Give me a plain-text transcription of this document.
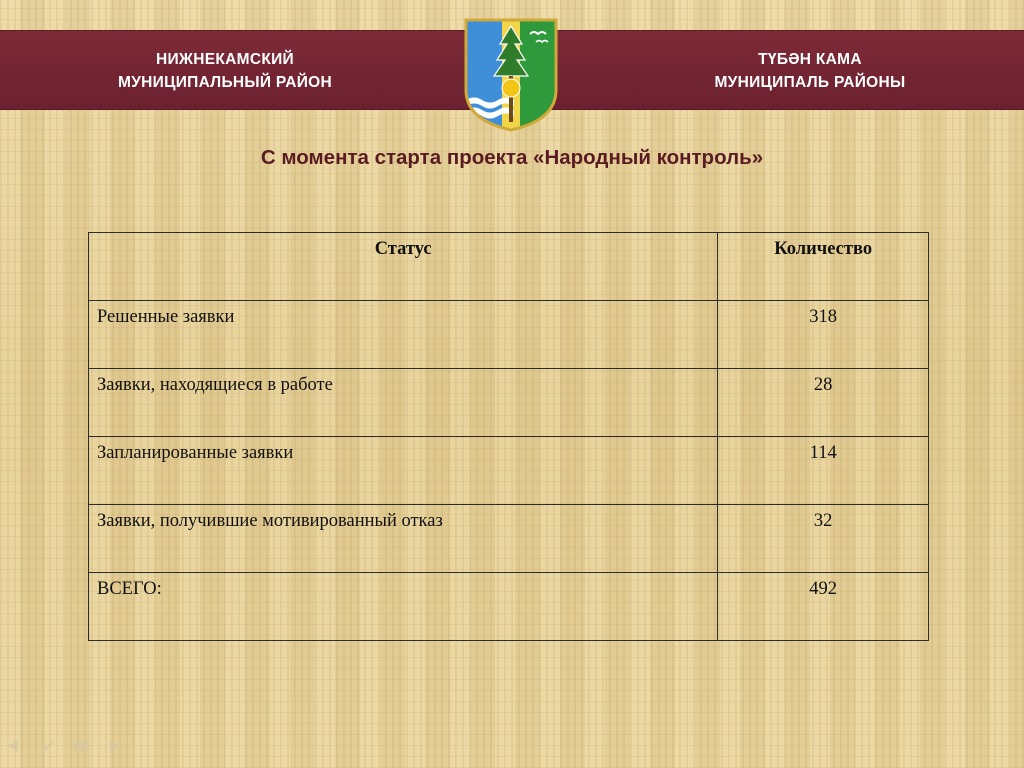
НИЖНЕКАМСКИЙ
МУНИЦИПАЛЬНЫЙ РАЙОН
ТҮБӘН КАМА
МУНИЦИПАЛЬ РАЙОНЫ
С момента старта проекта «Народный контроль»
Статус	Количество
Решенные заявки	318
Заявки, находящиеся в работе	28
Запланированные заявки	114
Заявки, получившие мотивированный отказ	32
ВСЕГО:	492
